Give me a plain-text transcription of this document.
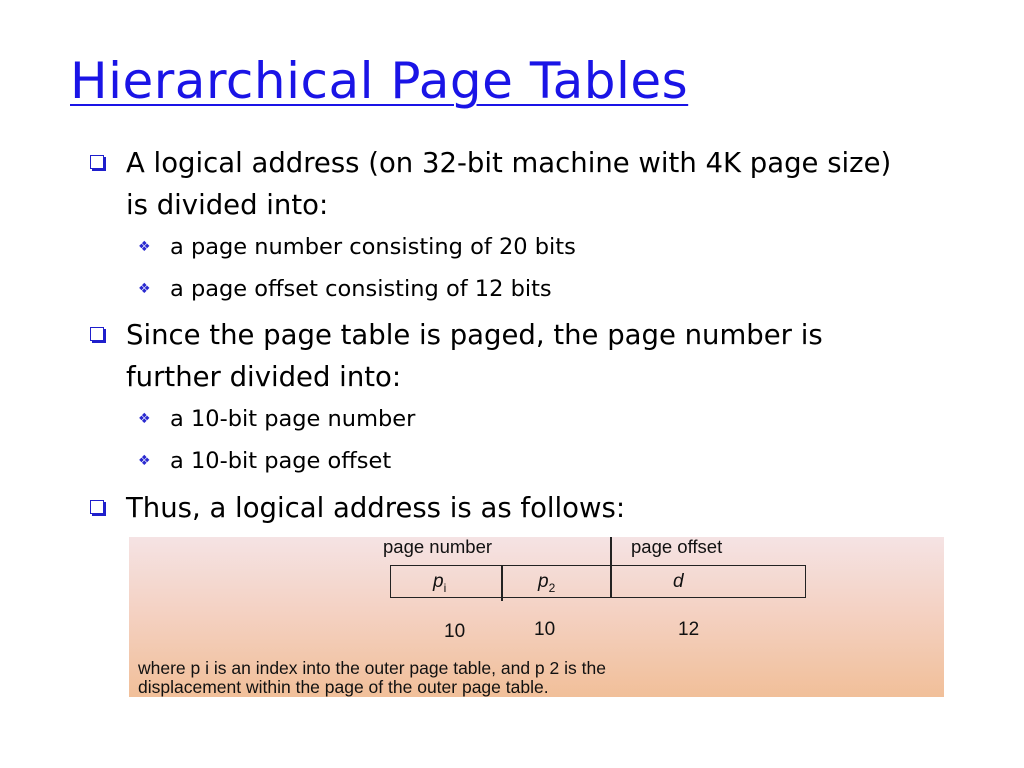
Hierarchical Page Tables
A logical address (on 32-bit machine with 4K page size) is divided into:
❖ a page number consisting of 20 bits
❖ a page offset consisting of 12 bits
Since the page table is paged, the page number is further divided into:
❖ a 10-bit page number
❖ a 10-bit page offset
Thus, a logical address is as follows:
page number	page offset
$p_i$	$p_2$	d
10	10	12
where p i is an index into the outer page table, and p 2 is the
displacement within the page of the outer page table.
